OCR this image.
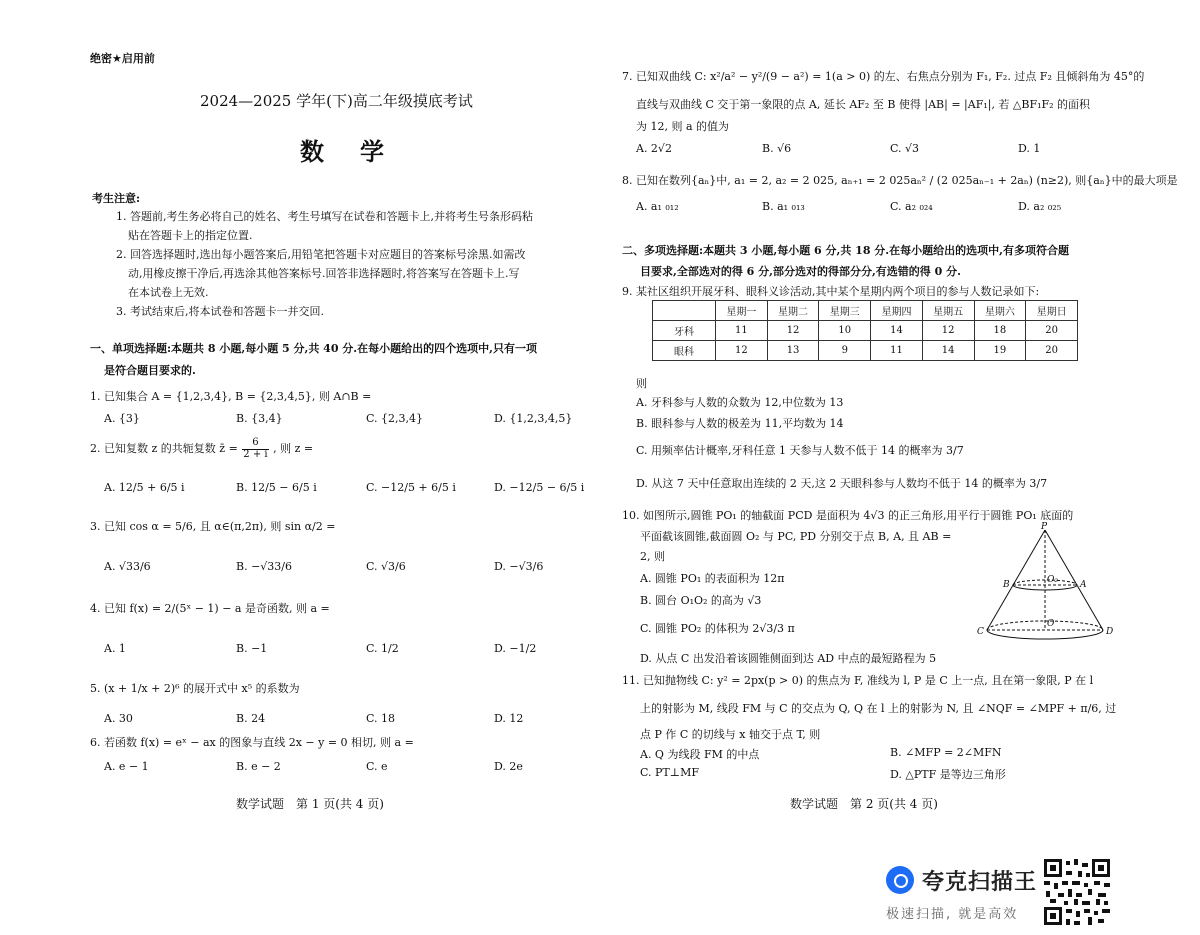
绝密★启用前
2024—2025 学年(下)高二年级摸底考试
数　学
考生注意:
1. 答题前,考生务必将自己的姓名、考生号填写在试卷和答题卡上,并将考生号条形码粘
贴在答题卡上的指定位置.
2. 回答选择题时,选出每小题答案后,用铅笔把答题卡对应题目的答案标号涂黑.如需改
动,用橡皮擦干净后,再选涂其他答案标号.回答非选择题时,将答案写在答题卡上.写
在本试卷上无效.
3. 考试结束后,将本试卷和答题卡一并交回.
一、单项选择题:本题共 8 小题,每小题 5 分,共 40 分.在每小题给出的四个选项中,只有一项
是符合题目要求的.
1. 已知集合 A = {1,2,3,4}, B = {2,3,4,5}, 则 A∩B =
A. {3}	B. {3,4}	C. {2,3,4}	D. {1,2,3,4,5}
2. 已知复数 z 的共轭复数 z̄ = $\frac{6}{2 + i}$ , 则 z =
A. 12/5 + 6/5 i	B. 12/5 − 6/5 i	C. −12/5 + 6/5 i	D. −12/5 − 6/5 i
3. 已知 cos α = 5/6, 且 α∈(π,2π), 则 sin α/2 =
A. √33/6	B. −√33/6	C. √3/6	D. −√3/6
4. 已知 f(x) = 2/(5ˣ − 1) − a 是奇函数, 则 a =
A. 1	B. −1	C. 1/2	D. −1/2
5. (x + 1/x + 2)⁶ 的展开式中 x⁵ 的系数为
A. 30	B. 24	C. 18	D. 12
6. 若函数 f(x) = eˣ − ax 的图象与直线 2x − y = 0 相切, 则 a =
A. e − 1	B. e − 2	C. e	D. 2e
数学试题　第 1 页(共 4 页)
7. 已知双曲线 C: x²/a² − y²/(9 − a²) = 1(a > 0) 的左、右焦点分别为 F₁, F₂. 过点 F₂ 且倾斜角为 45°的
直线与双曲线 C 交于第一象限的点 A, 延长 AF₂ 至 B 使得 |AB| = |AF₁|, 若 △BF₁F₂ 的面积
为 12, 则 a 的值为
A. 2√2	B. √6	C. √3	D. 1
8. 已知在数列{aₙ}中, a₁ = 2, a₂ = 2 025, aₙ₊₁ = 2 025aₙ² / (2 025aₙ₋₁ + 2aₙ) (n≥2), 则{aₙ}中的最大项是
A. a₁ ₀₁₂	B. a₁ ₀₁₃	C. a₂ ₀₂₄	D. a₂ ₀₂₅
二、多项选择题:本题共 3 小题,每小题 6 分,共 18 分.在每小题给出的选项中,有多项符合题
目要求,全部选对的得 6 分,部分选对的得部分分,有选错的得 0 分.
9. 某社区组织开展牙科、眼科义诊活动,其中某个星期内两个项目的参与人数记录如下:
	星期一	星期二	星期三	星期四	星期五	星期六	星期日
牙科	11	12	10	14	12	18	20
眼科	12	13	9	11	14	19	20
则
A. 牙科参与人数的众数为 12,中位数为 13
B. 眼科参与人数的极差为 11,平均数为 14
C. 用频率估计概率,牙科任意 1 天参与人数不低于 14 的概率为 3/7
D. 从这 7 天中任意取出连续的 2 天,这 2 天眼科参与人数均不低于 14 的概率为 3/7
10. 如图所示,圆锥 PO₁ 的轴截面 PCD 是面积为 4√3 的正三角形,用平行于圆锥 PO₁ 底面的
平面截该圆锥,截面圆 O₂ 与 PC, PD 分别交于点 B, A, 且 AB =
2, 则
A. 圆锥 PO₁ 的表面积为 12π
B. 圆台 O₁O₂ 的高为 √3
C. 圆锥 PO₂ 的体积为 2√3/3 π
D. 从点 C 出发沿着该圆锥侧面到达 AD 中点的最短路程为 5
P
B	A
C	D
O₂
O
11. 已知抛物线 C: y² = 2px(p > 0) 的焦点为 F, 准线为 l, P 是 C 上一点, 且在第一象限, P 在 l
上的射影为 M, 线段 FM 与 C 的交点为 Q, Q 在 l 上的射影为 N, 且 ∠NQF = ∠MPF + π/6, 过
点 P 作 C 的切线与 x 轴交于点 T, 则
A. Q 为线段 FM 的中点	B. ∠MFP = 2∠MFN
C. PT⊥MF	D. △PTF 是等边三角形
数学试题　第 2 页(共 4 页)
夸克扫描王
极速扫描, 就是高效
